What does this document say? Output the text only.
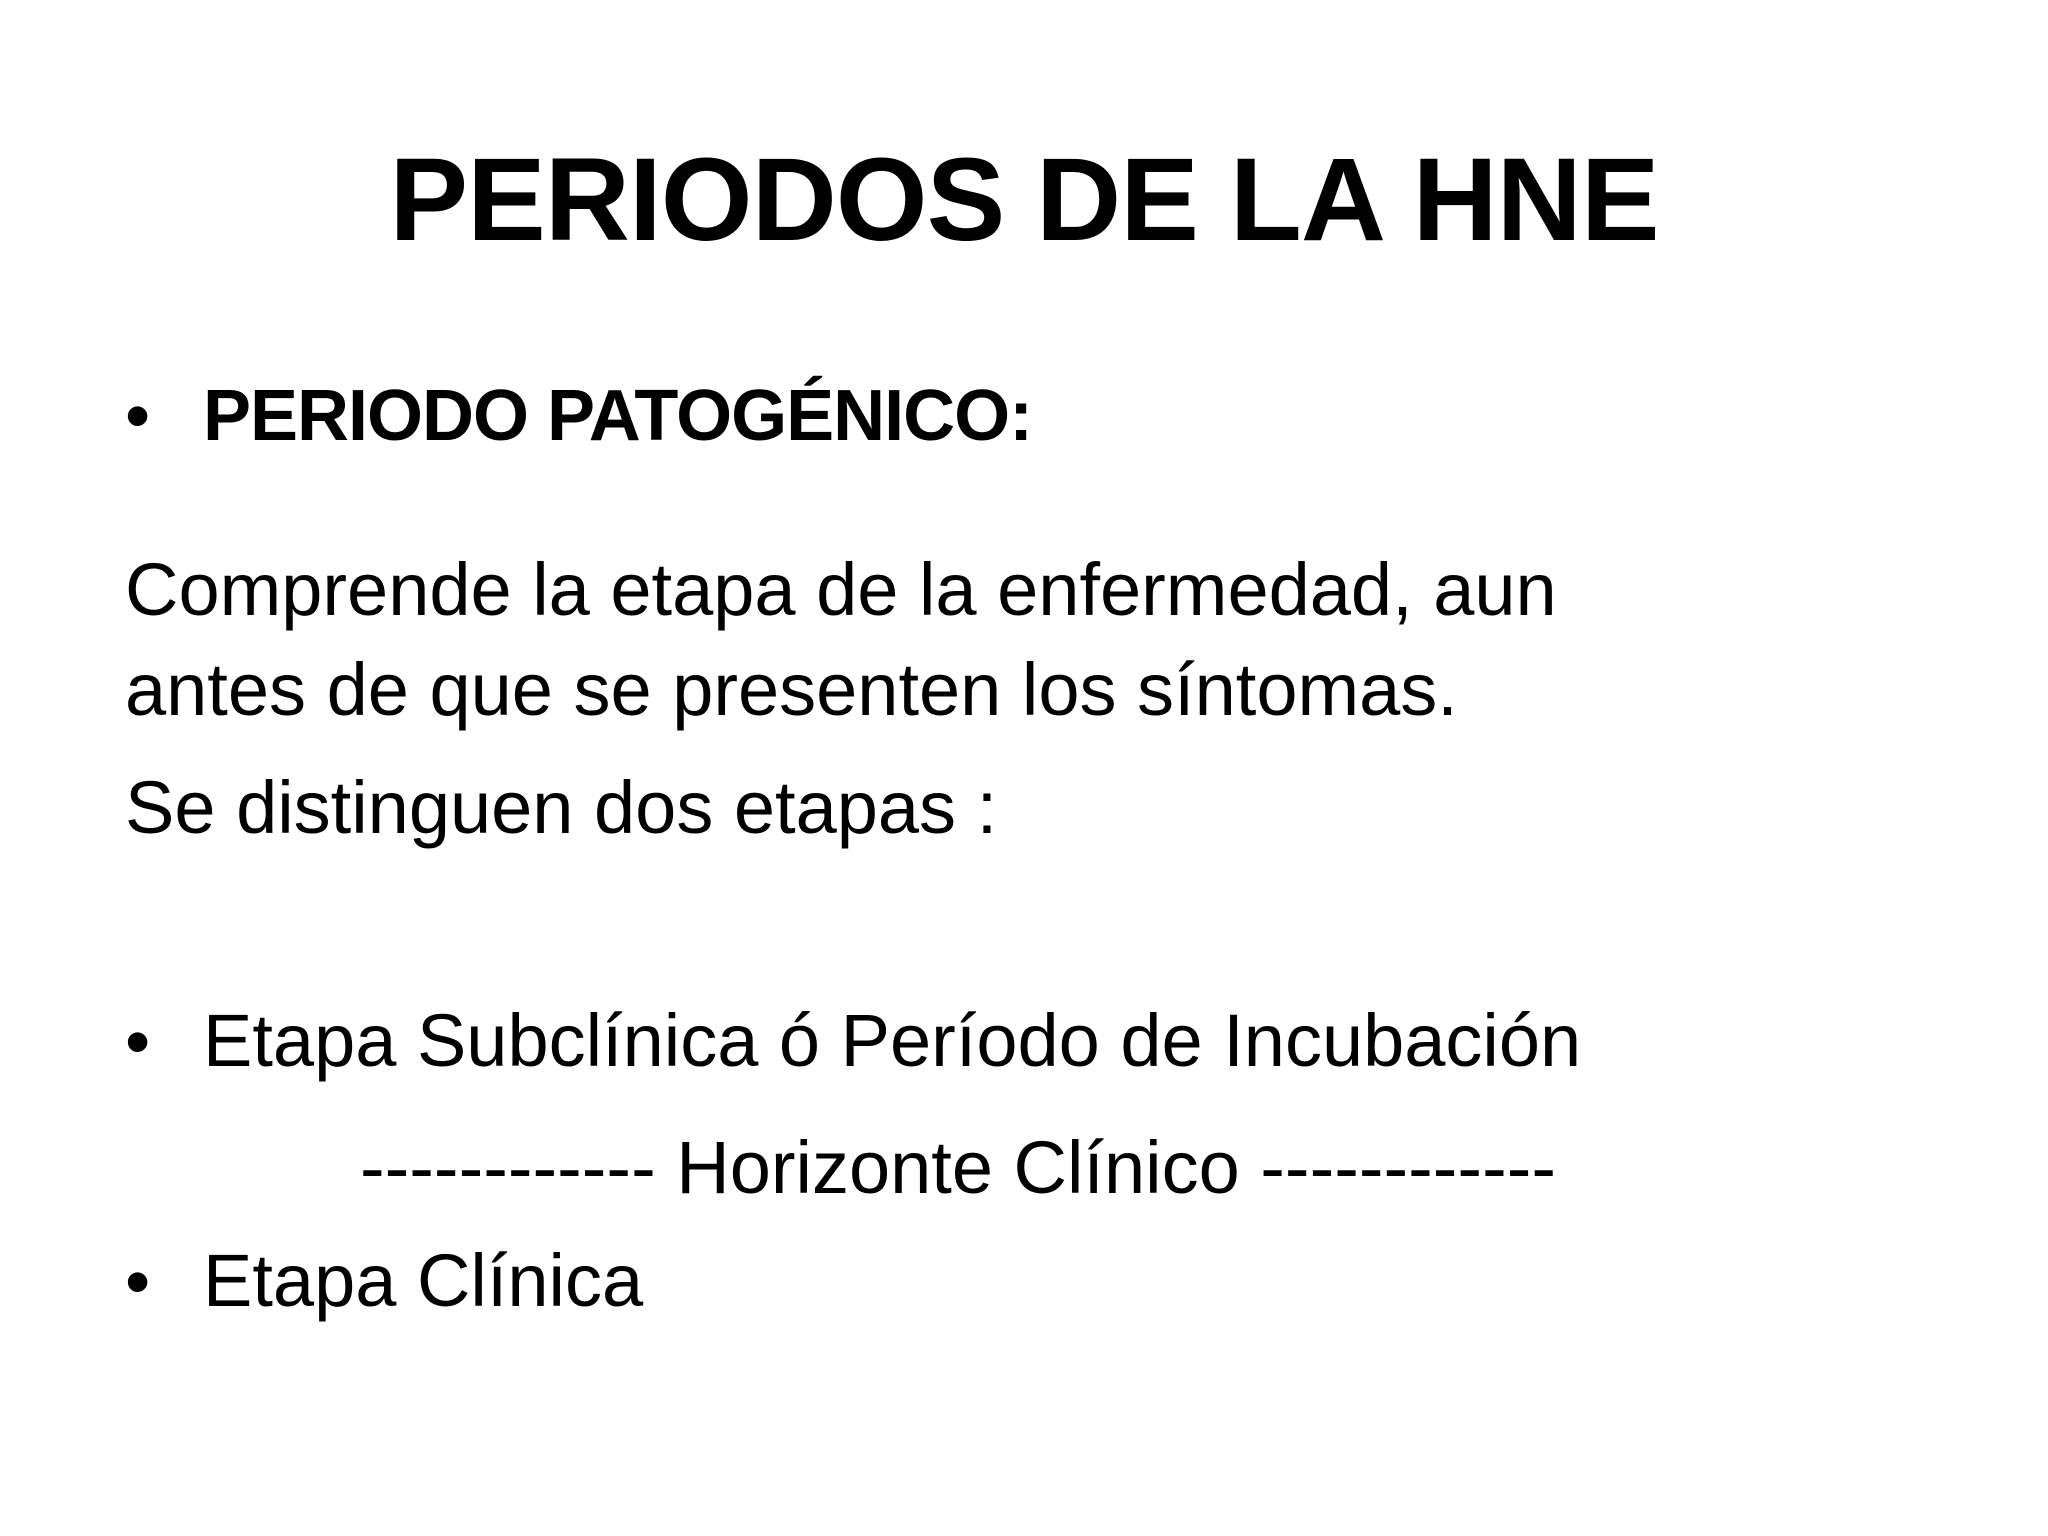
PERIODOS DE LA HNE
• PERIODO PATOGÉNICO:
Comprende la etapa de la enfermedad, aun
antes de que se presenten los síntomas.
Se distinguen dos etapas :
• Etapa Subclínica ó Período de Incubación
------------ Horizonte Clínico ------------
• Etapa Clínica
